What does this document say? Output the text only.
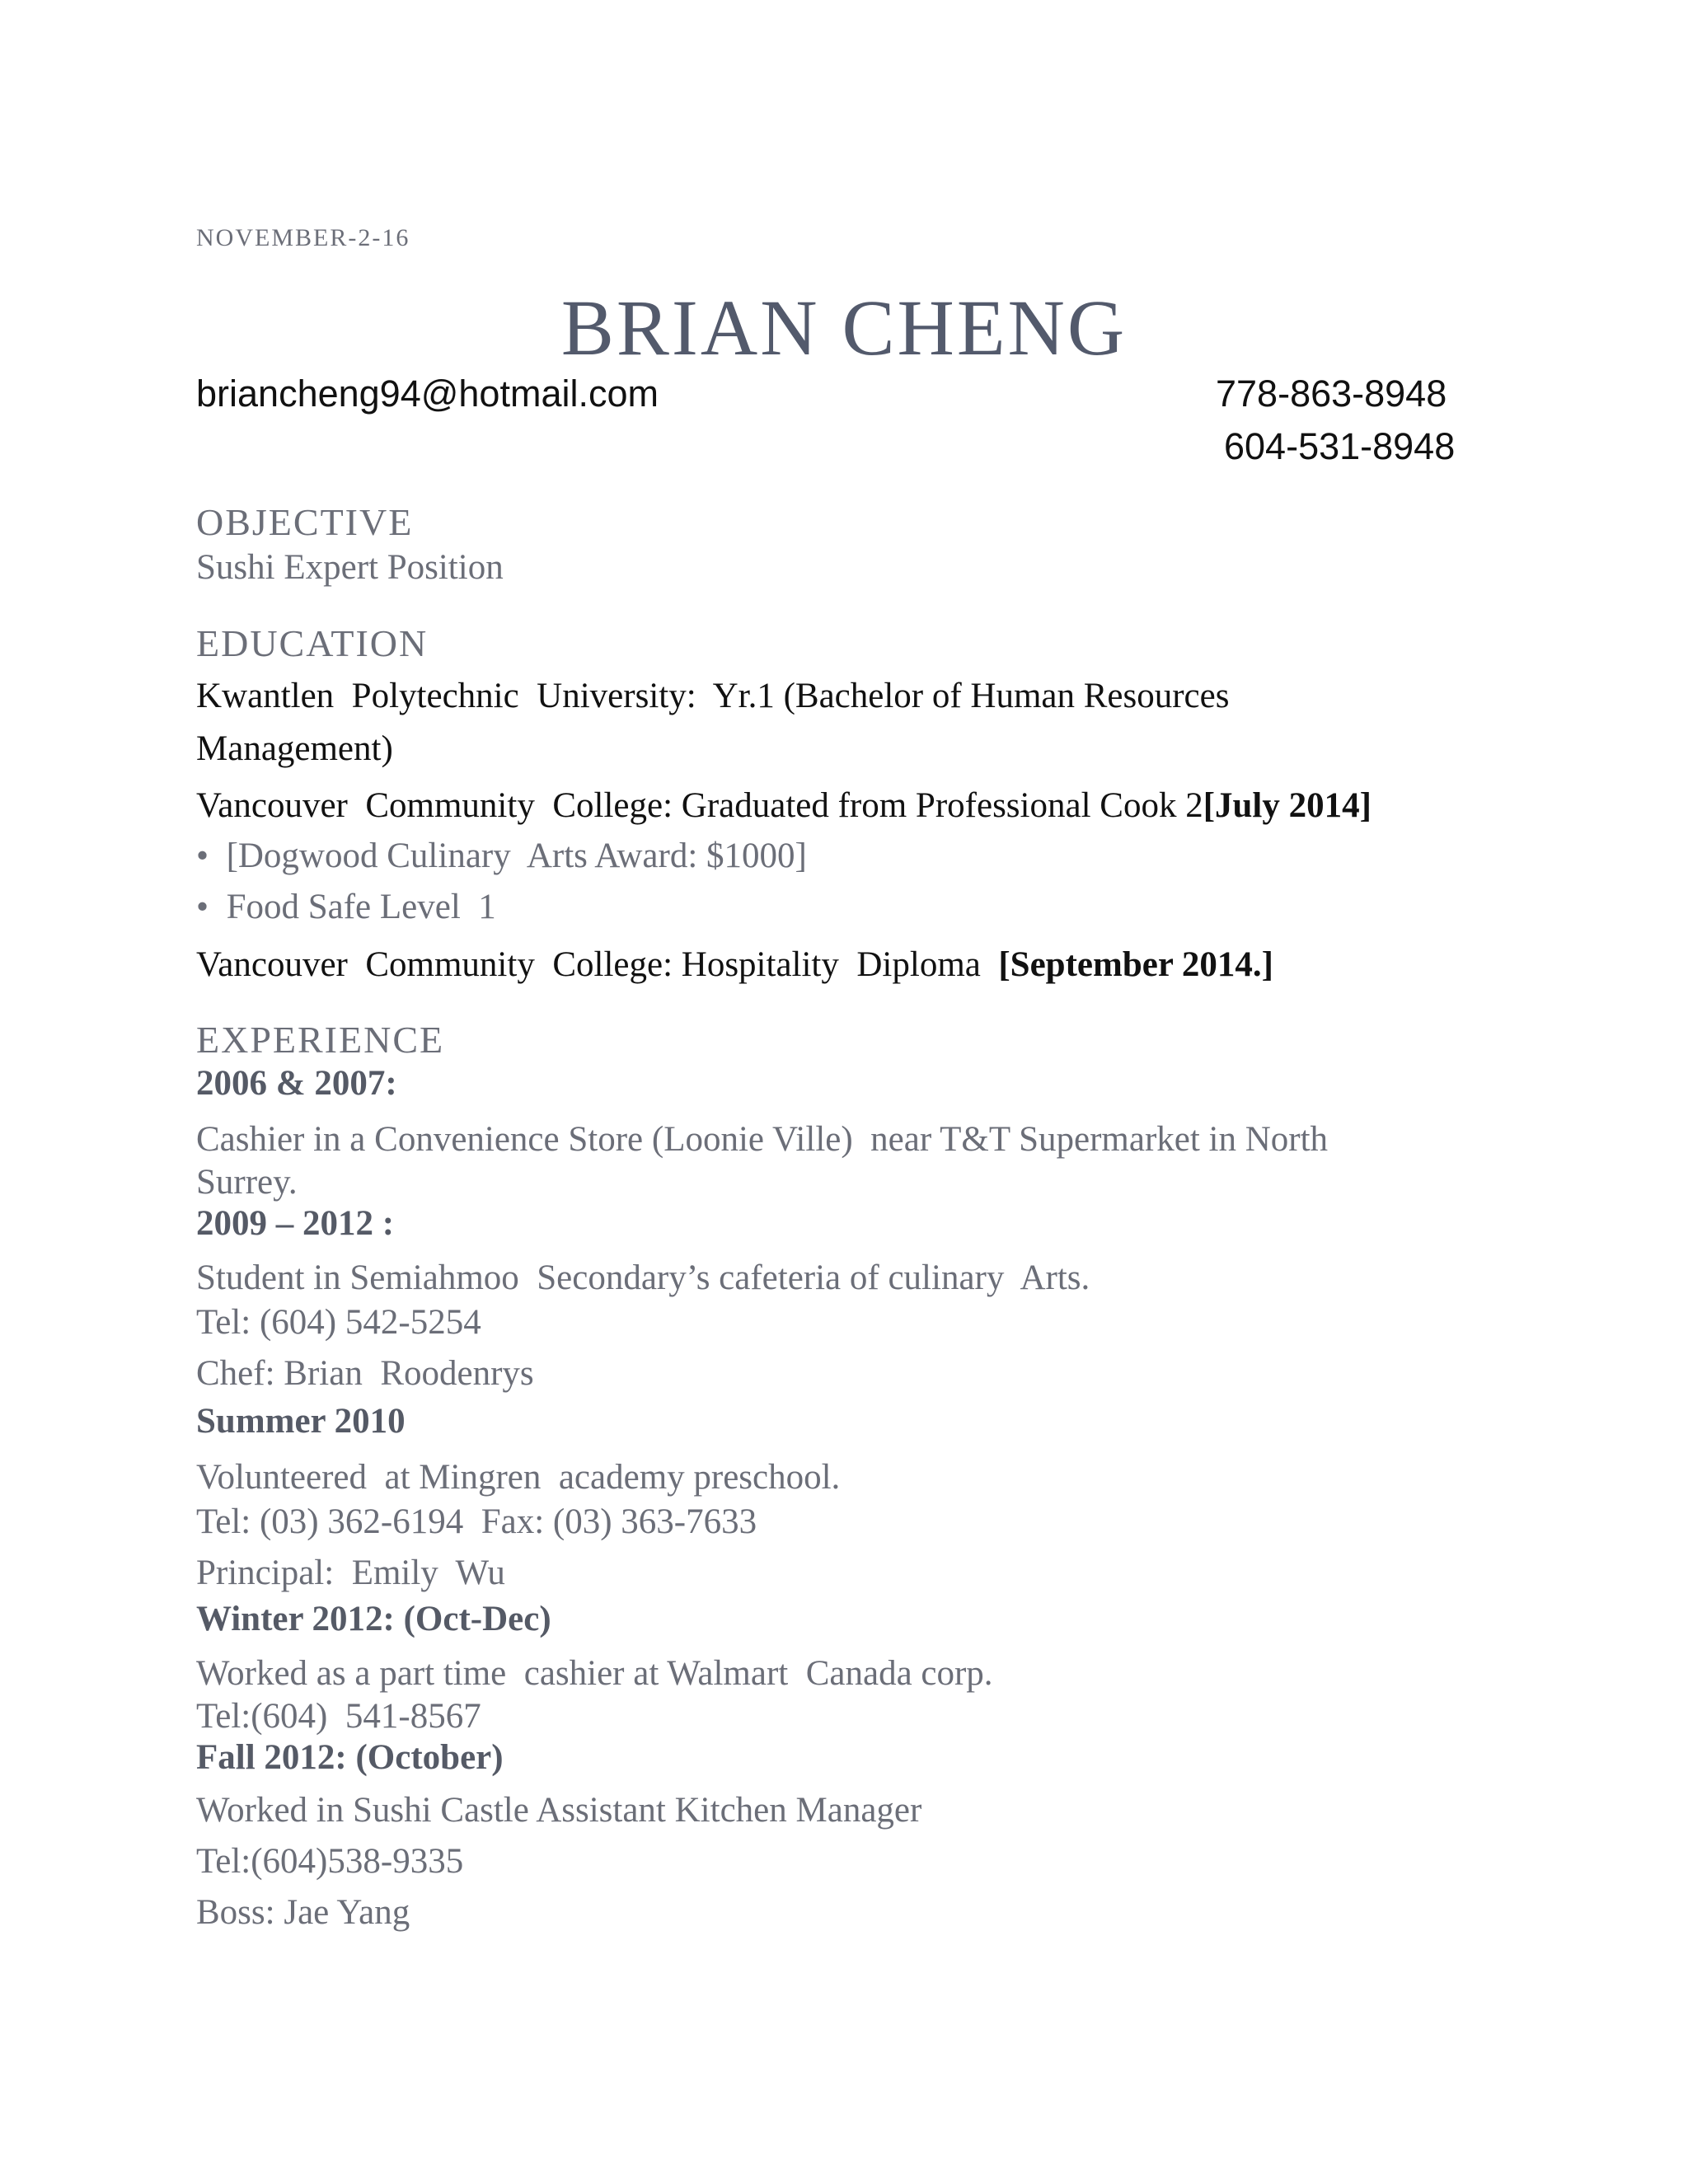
NOVEMBER-2-16
BRIAN CHENG
briancheng94@hotmail.com	778-863-8948
604-531-8948
OBJECTIVE
Sushi Expert Position
EDUCATION
Kwantlen  Polytechnic  University:  Yr.1 (Bachelor of Human Resources
Management)
Vancouver  Community  College: Graduated from Professional Cook 2[July 2014]
•  [Dogwood Culinary  Arts Award: $1000]
•  Food Safe Level  1
Vancouver  Community  College: Hospitality  Diploma  [September 2014.]
EXPERIENCE
2006 & 2007:
Cashier in a Convenience Store (Loonie Ville)  near T&T Supermarket in North
Surrey.
2009 – 2012 :
Student in Semiahmoo  Secondary’s cafeteria of culinary  Arts.
Tel: (604) 542-5254
Chef: Brian  Roodenrys
Summer 2010
Volunteered  at Mingren  academy preschool.
Tel: (03) 362-6194  Fax: (03) 363-7633
Principal:  Emily  Wu
Winter 2012: (Oct-Dec)
Worked as a part time  cashier at Walmart  Canada corp.
Tel:(604)  541-8567
Fall 2012: (October)
Worked in Sushi Castle Assistant Kitchen Manager
Tel:(604)538-9335
Boss: Jae Yang
